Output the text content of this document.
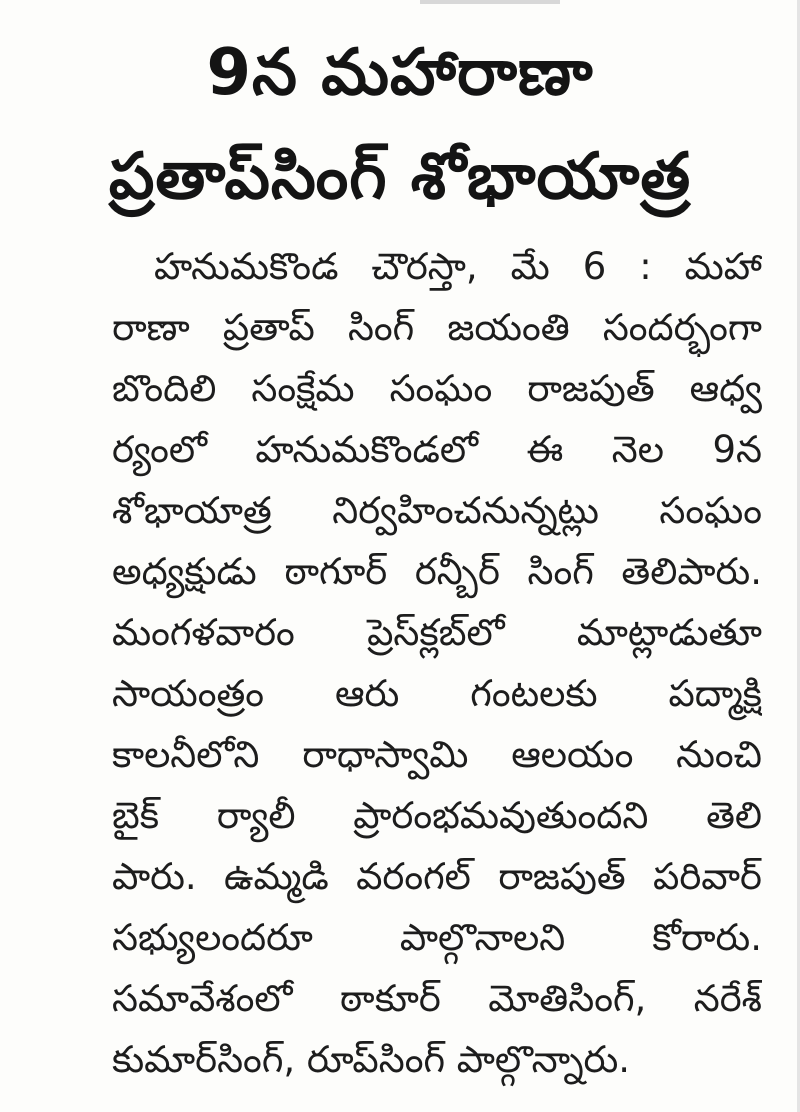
9న మహారాణా
ప్రతాప్‌సింగ్ శోభాయాత్ర
హనుమకొండ చౌరస్తా, మే 6 : మహా
రాణా ప్రతాప్ సింగ్ జయంతి సందర్భంగా
బొందిలి సంక్షేమ సంఘం రాజపుత్ ఆధ్వ
ర్యంలో హనుమకొండలో ఈ నెల 9న
శోభాయాత్ర నిర్వహించనున్నట్లు సంఘం
అధ్యక్షుడు ఠాగూర్ రన్బీర్ సింగ్ తెలిపారు.
మంగళవారం ప్రెస్‌క్లబ్‌లో మాట్లాడుతూ
సాయంత్రం ఆరు గంటలకు పద్మాక్షి
కాలనీలోని రాధాస్వామి ఆలయం నుంచి
బైక్ ర్యాలీ ప్రారంభమవుతుందని తెలి
పారు. ఉమ్మడి వరంగల్ రాజపుత్ పరివార్
సభ్యులందరూ పాల్గొనాలని కోరారు.
సమావేశంలో ఠాకూర్ మోతిసింగ్, నరేశ్
కుమార్‌సింగ్, రూప్‌సింగ్ పాల్గొన్నారు.
